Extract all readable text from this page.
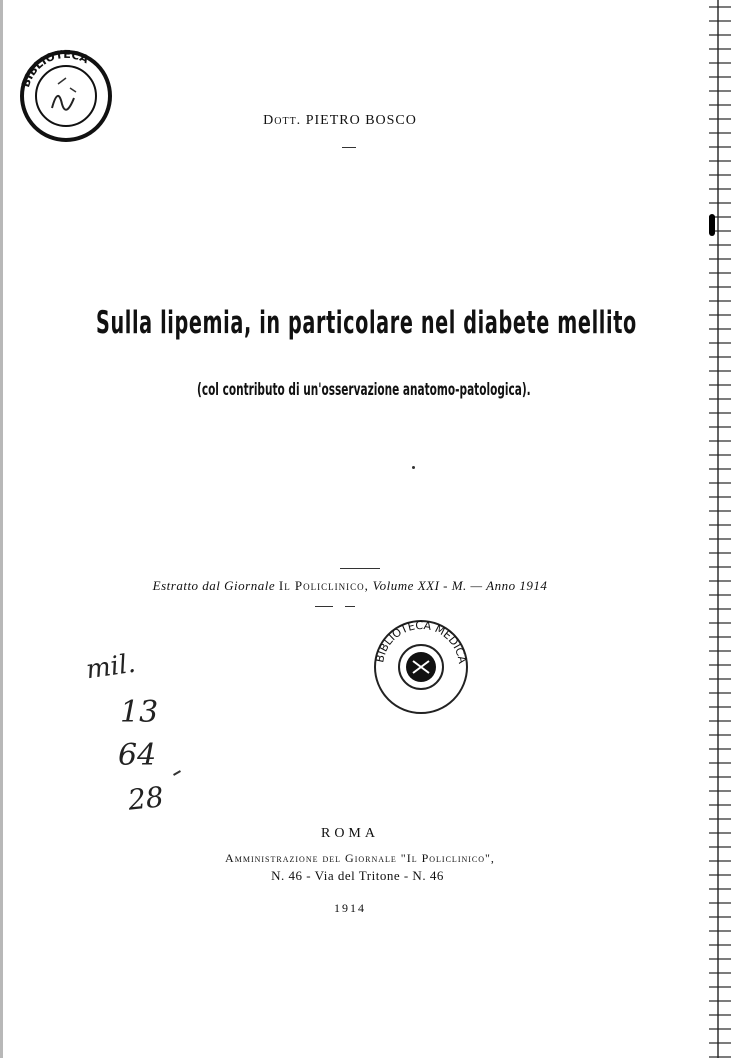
BIBLIOTECA
Dott. PIETRO BOSCO
Sulla lipemia, in particolare nel diabete mellito
(col contributo di un'osservazione anatomo-patologica).
Estratto dal Giornale Il Policlinico, Volume XXI - M. — Anno 1914
BIBLIOTECA MEDICA
mil.
13
64
28
ROMA
Amministrazione del Giornale "Il Policlinico",
N. 46 - Via del Tritone - N. 46
1914
